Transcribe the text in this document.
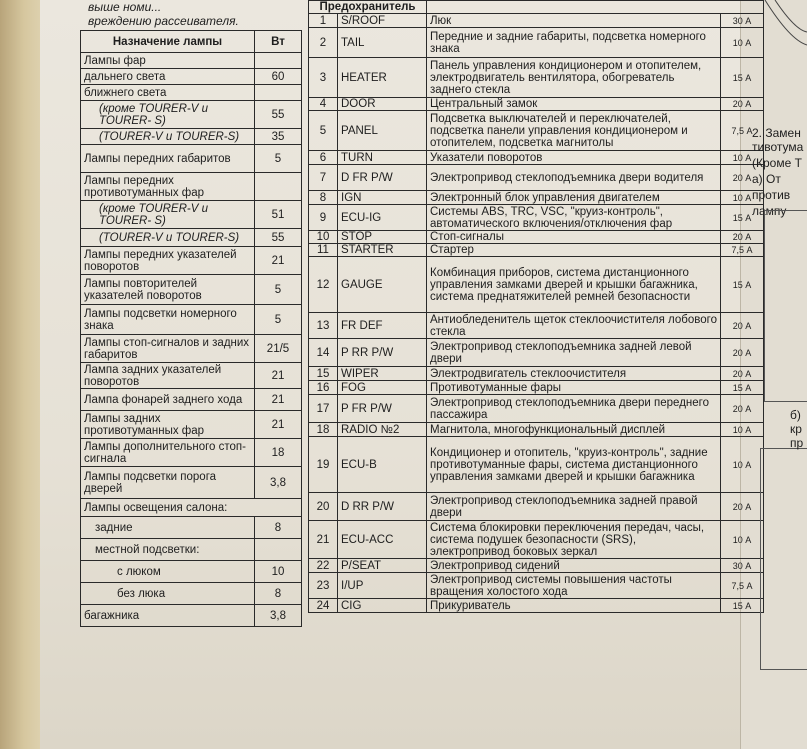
выше номи...
вреждению рассеивателя.
Назначение лампы	Вт
Лампы фар	
дальнего света	60
ближнего света	
(кроме TOURER-V и TOURER- S)	55
(TOURER-V и TOURER-S)	35
Лампы передних габаритов	5
Лампы передних противотуманных фар	
(кроме TOURER-V и TOURER- S)	51
(TOURER-V и TOURER-S)	55
Лампы передних указателей поворотов	21
Лампы повторителей указателей поворотов	5
Лампы подсветки номерного знака	5
Лампы стоп-сигналов и задних габаритов	21/5
Лампа задних указателей поворотов	21
Лампа фонарей заднего хода	21
Лампы задних противотуманных фар	21
Лампы дополнительного стоп-сигнала	18
Лампы подсветки порога дверей	3,8
Лампы освещения салона:	
задние	8
местной подсветки:	
с люком	10
без люка	8
багажника	3,8
Предохранитель			
1	S/ROOF	Люк	30 А
2	TAIL	Передние и задние габариты, подсветка номерного знака	10 А
3	HEATER	Панель управления кондиционером и отопителем, электродвигатель вентилятора, обогреватель заднего стекла	15 А
4	DOOR	Центральный замок	20 А
5	PANEL	Подсветка выключателей и переключателей, подсветка панели управления кондиционером и отопителем, подсветка магнитолы	7,5 А
6	TURN	Указатели поворотов	10 А
7	D FR P/W	Электропривод стеклоподъемника двери водителя	20 А
8	IGN	Электронный блок управления двигателем	10 А
9	ECU-IG	Системы ABS, TRC, VSC, "круиз-контроль", автоматического включения/отключения фар	15 А
10	STOP	Стоп-сигналы	20 А
11	STARTER	Стартер	7,5 А
12	GAUGE	Комбинация приборов, система дистанционного управления замками дверей и крышки багажника, система преднатяжителей ремней безопасности	15 А
13	FR DEF	Антиобледенитель щеток стеклоочистителя лобового стекла	20 А
14	P RR P/W	Электропривод стеклоподъемника задней левой двери	20 А
15	WIPER	Электродвигатель стеклоочистителя	20 А
16	FOG	Противотуманные фары	15 А
17	P FR P/W	Электропривод стеклоподъемника двери переднего пассажира	20 А
18	RADIO №2	Магнитола, многофункциональный дисплей	10 А
19	ECU-B	Кондиционер и отопитель, "круиз-контроль", задние противотуманные фары, система дистанционного управления замками дверей и крышки багажника	10 А
20	D RR P/W	Электропривод стеклоподъемника задней правой двери	20 А
21	ECU-ACC	Система блокировки переключения передач, часы, система подушек безопасности (SRS), электропривод боковых зеркал	10 А
22	P/SEAT	Электропривод сидений	30 А
23	I/UP	Электропривод системы повышения частоты вращения холостого хода	7,5 А
24	CIG	Прикуриватель	15 А
2. Замен
тивотума
(Кроме Т
а) От
против
лампу
б)
кр
пр
